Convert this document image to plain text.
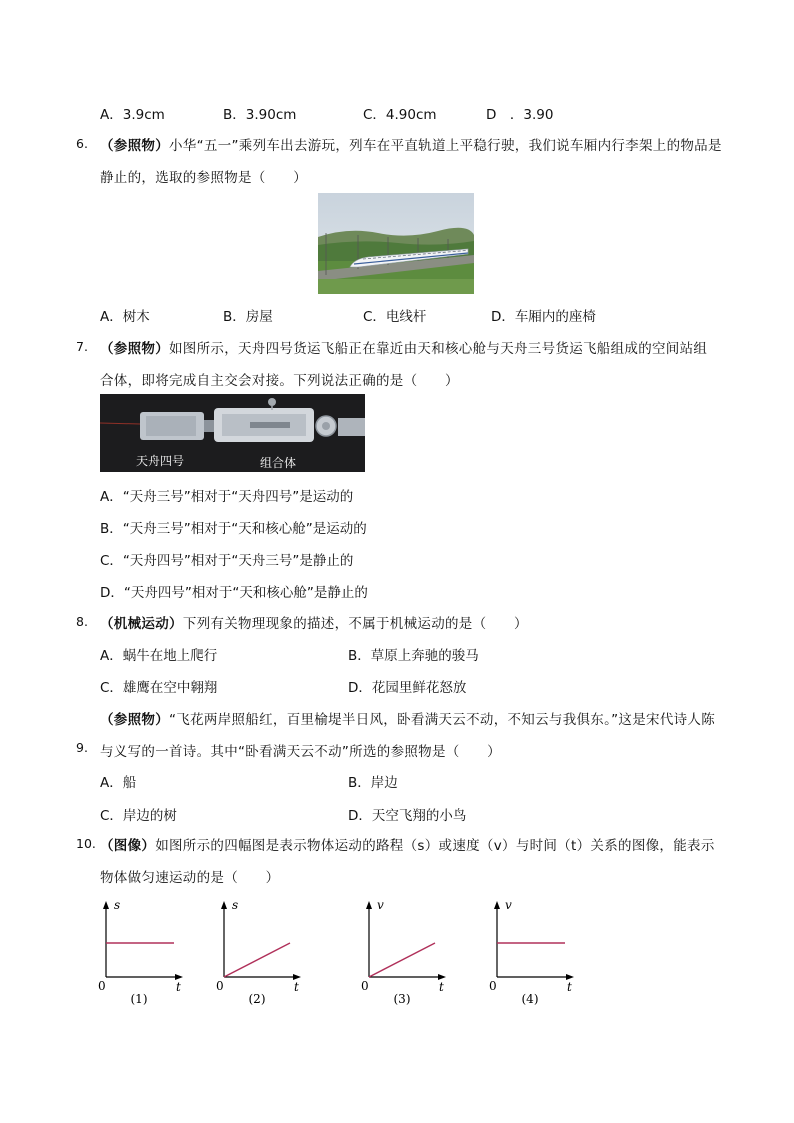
A．3.9cm	B．3.90cm	C．4.90cm	D　．3.90
6. （参照物）小华“五一”乘列车出去游玩，列车在平直轨道上平稳行驶，我们说车厢内行李架上的物品是
静止的，选取的参照物是（　　）
A．树木	B．房屋	C．电线杆	D．车厢内的座椅
7. （参照物）如图所示，天舟四号货运飞船正在靠近由天和核心舱与天舟三号货运飞船组成的空间站组
合体，即将完成自主交会对接。下列说法正确的是（　　）
天舟四号	组合体
A．“天舟三号”相对于“天舟四号”是运动的
B．“天舟三号”相对于“天和核心舱”是运动的
C．“天舟四号”相对于“天舟三号”是静止的
D．“天舟四号”相对于“天和核心舱”是静止的
8. （机械运动）下列有关物理现象的描述，不属于机械运动的是（　　）
A．蜗牛在地上爬行	B．草原上奔驰的骏马
C．雄鹰在空中翱翔	D．花园里鲜花怒放
9.
（参照物）“飞花两岸照船红，百里榆堤半日风，卧看满天云不动，不知云与我俱东。”这是宋代诗人陈
与义写的一首诗。其中“卧看满天云不动”所选的参照物是（　　）
A．船	B．岸边
C．岸边的树	D．天空飞翔的小鸟
10. （图像）如图所示的四幅图是表示物体运动的路程（s）或速度（v）与时间（t）关系的图像，能表示
物体做匀速运动的是（　　）
s
t
0
(1)
s
t
0
(2)
v
t
0
(3)
v
t
0
(4)
